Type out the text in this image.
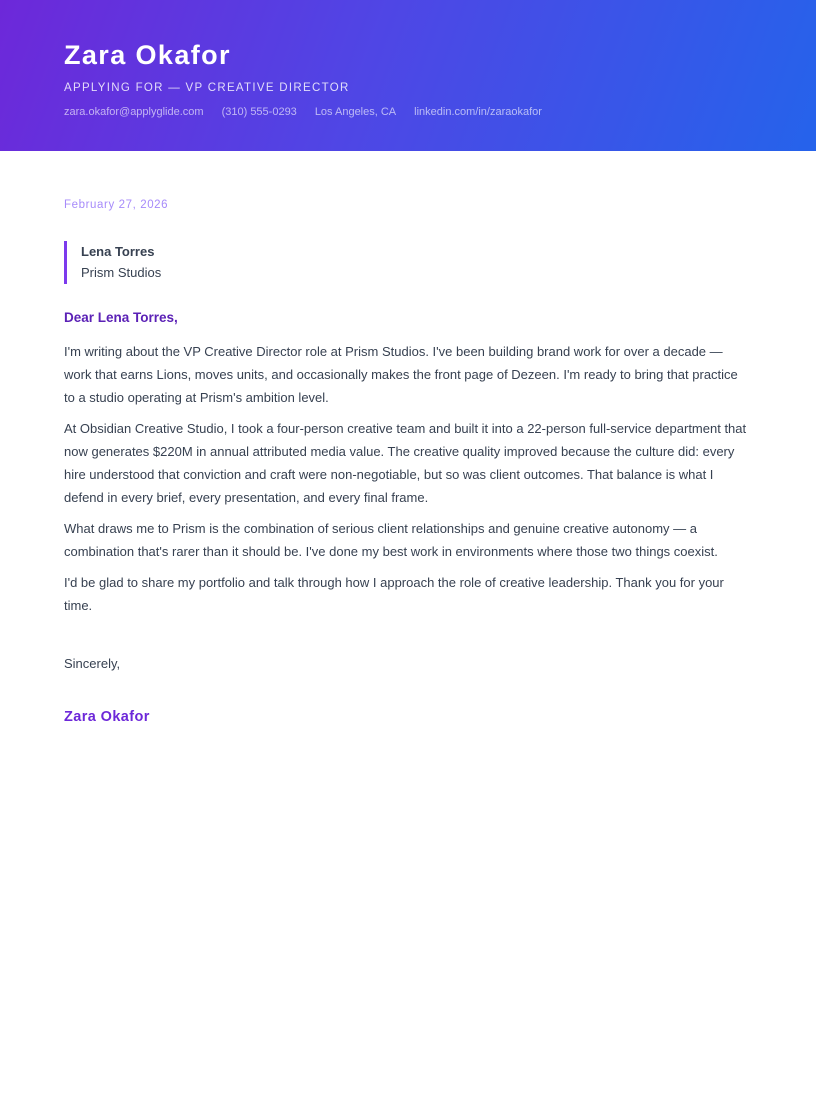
Zara Okafor
APPLYING FOR — VP CREATIVE DIRECTOR
zara.okafor@applyglide.com (310) 555-0293 Los Angeles, CA linkedin.com/in/zaraokafor
February 27, 2026
Lena Torres
Prism Studios
Dear Lena Torres,

I'm writing about the VP Creative Director role at Prism Studios. I've been building brand work for over a decade — work that earns Lions, moves units, and occasionally makes the front page of Dezeen. I'm ready to bring that practice to a studio operating at Prism's ambition level.

At Obsidian Creative Studio, I took a four-person creative team and built it into a 22-person full-service department that now generates $220M in annual attributed media value. The creative quality improved because the culture did: every hire understood that conviction and craft were non-negotiable, but so was client outcomes. That balance is what I defend in every brief, every presentation, and every final frame.

What draws me to Prism is the combination of serious client relationships and genuine creative autonomy — a combination that's rarer than it should be. I've done my best work in environments where those two things coexist.

I'd be glad to share my portfolio and talk through how I approach the role of creative leadership. Thank you for your time.

Sincerely,
Zara Okafor
